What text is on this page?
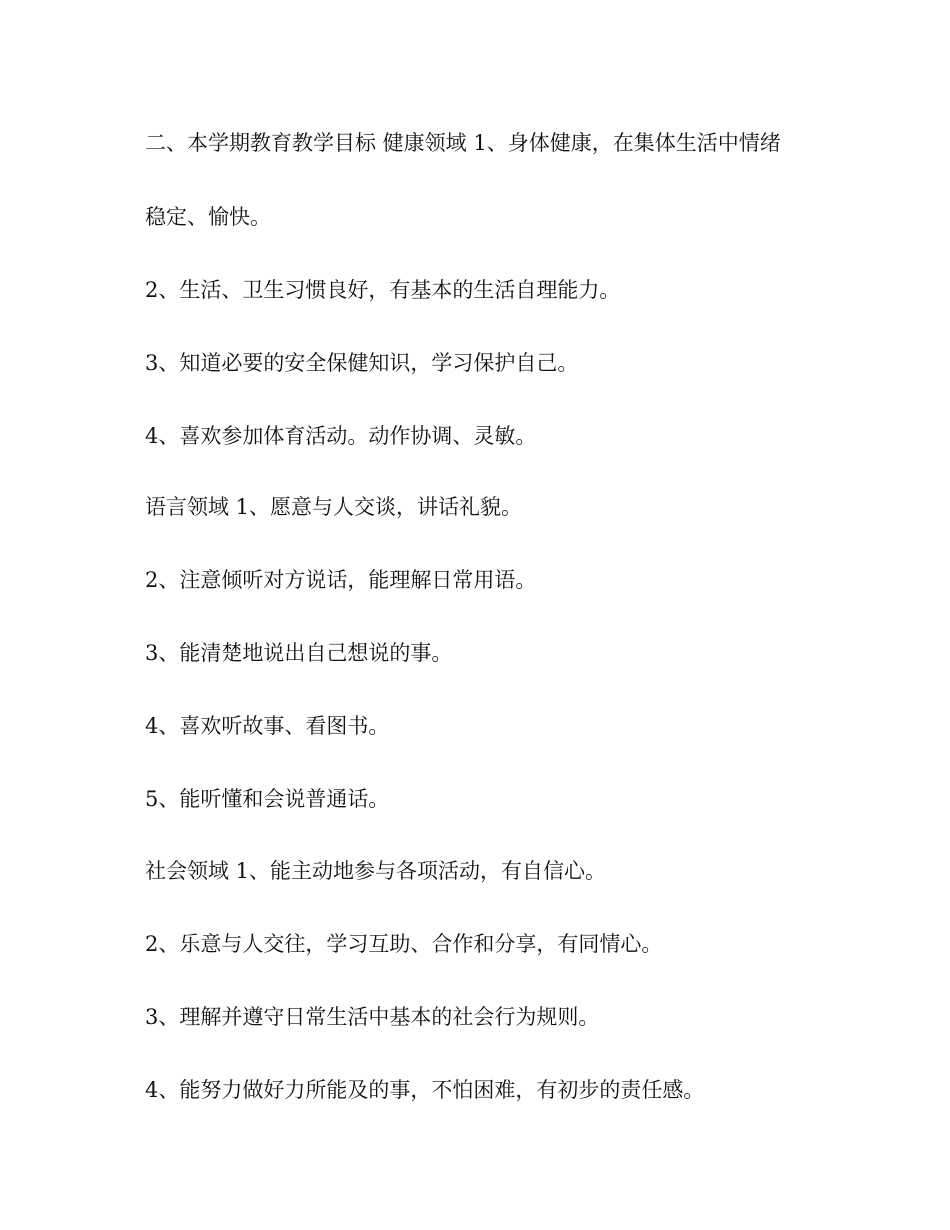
二、本学期教育教学目标 健康领域 1、身体健康，在集体生活中情绪

稳定、愉快。

2、生活、卫生习惯良好，有基本的生活自理能力。

3、知道必要的安全保健知识，学习保护自己。

4、喜欢参加体育活动。动作协调、灵敏。

语言领域 1、愿意与人交谈，讲话礼貌。

2、注意倾听对方说话，能理解日常用语。

3、能清楚地说出自己想说的事。

4、喜欢听故事、看图书。

5、能听懂和会说普通话。

社会领域 1、能主动地参与各项活动，有自信心。

2、乐意与人交往，学习互助、合作和分享，有同情心。

3、理解并遵守日常生活中基本的社会行为规则。

4、能努力做好力所能及的事，不怕困难，有初步的责任感。
